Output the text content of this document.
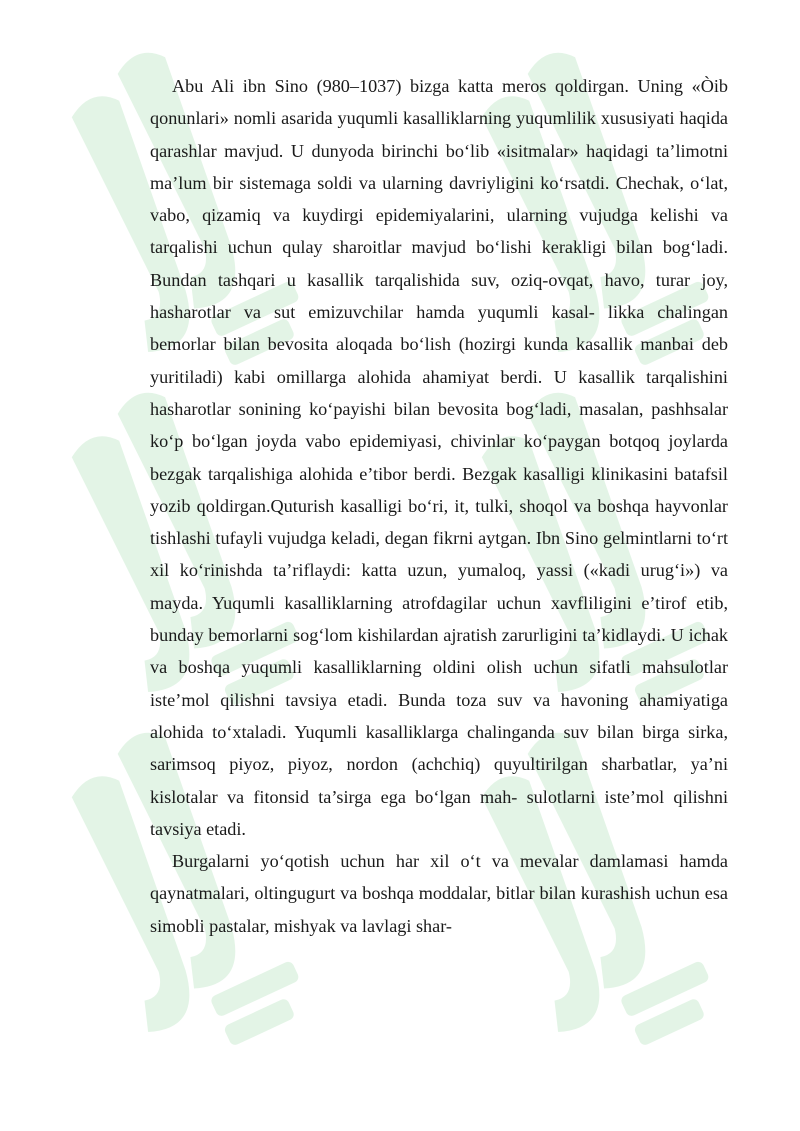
Abu Ali ibn Sino (980–1037) bizga katta meros qoldirgan. Uning «Òib qonunlari» nomli asarida yuqumli kasalliklarning yuqumlilik xususiyati haqida qarashlar mavjud. U dunyoda birinchi bo‘lib «isitmalar» haqidagi ta’limotni ma’lum bir sistemaga soldi va ularning davriyligini ko‘rsatdi. Chechak, o‘lat, vabo, qizamiq va kuydirgi epidemiyalarini, ularning vujudga kelishi va tarqalishi uchun qulay sharoitlar mavjud bo‘lishi kerakligi bilan bog‘ladi. Bundan tashqari u kasallik tarqalishida suv, oziq-ovqat, havo, turar joy, hasharotlar va sut emizuvchilar hamda yuqumli kasal- likka chalingan bemorlar bilan bevosita aloqada bo‘lish (hozirgi kunda kasallik manbai deb yuritiladi) kabi omillarga alohida ahamiyat berdi. U kasallik tarqalishini hasharotlar sonining ko‘payishi bilan bevosita bog‘ladi, masalan, pashhsalar ko‘p bo‘lgan joyda vabo epidemiyasi, chivinlar ko‘paygan botqoq joylarda bezgak tarqalishiga alohida e’tibor berdi. Bezgak kasalligi klinikasini batafsil yozib qoldirgan.Quturish kasalligi bo‘ri, it, tulki, shoqol va boshqa hayvonlar tishlashi tufayli vujudga keladi, degan fikrni aytgan. Ibn Sino gelmintlarni to‘rt xil ko‘rinishda ta’riflaydi: katta uzun, yumaloq, yassi («kadi urug‘i») va mayda. Yuqumli kasalliklarning atrofdagilar uchun xavfliligini e’tirof etib, bunday bemorlarni sog‘lom kishilardan ajratish zarurligini ta’kidlaydi. U ichak va boshqa yuqumli kasalliklarning oldini olish uchun sifatli mahsulotlar iste’mol qilishni tavsiya etadi. Bunda toza suv va havoning ahamiyatiga alohida to‘xtaladi. Yuqumli kasalliklarga chalinganda suv bilan birga sirka, sarimsoq piyoz, piyoz, nordon (achchiq) quyultirilgan sharbatlar, ya’ni kislotalar va fitonsid ta’sirga ega bo‘lgan mah- sulotlarni iste’mol qilishni tavsiya etadi.

Burgalarni yo‘qotish uchun har xil o‘t va mevalar damlamasi hamda qaynatmalari, oltingugurt va boshqa moddalar, bitlar bilan kurashish uchun esa simobli pastalar, mishyak va lavlagi shar-
